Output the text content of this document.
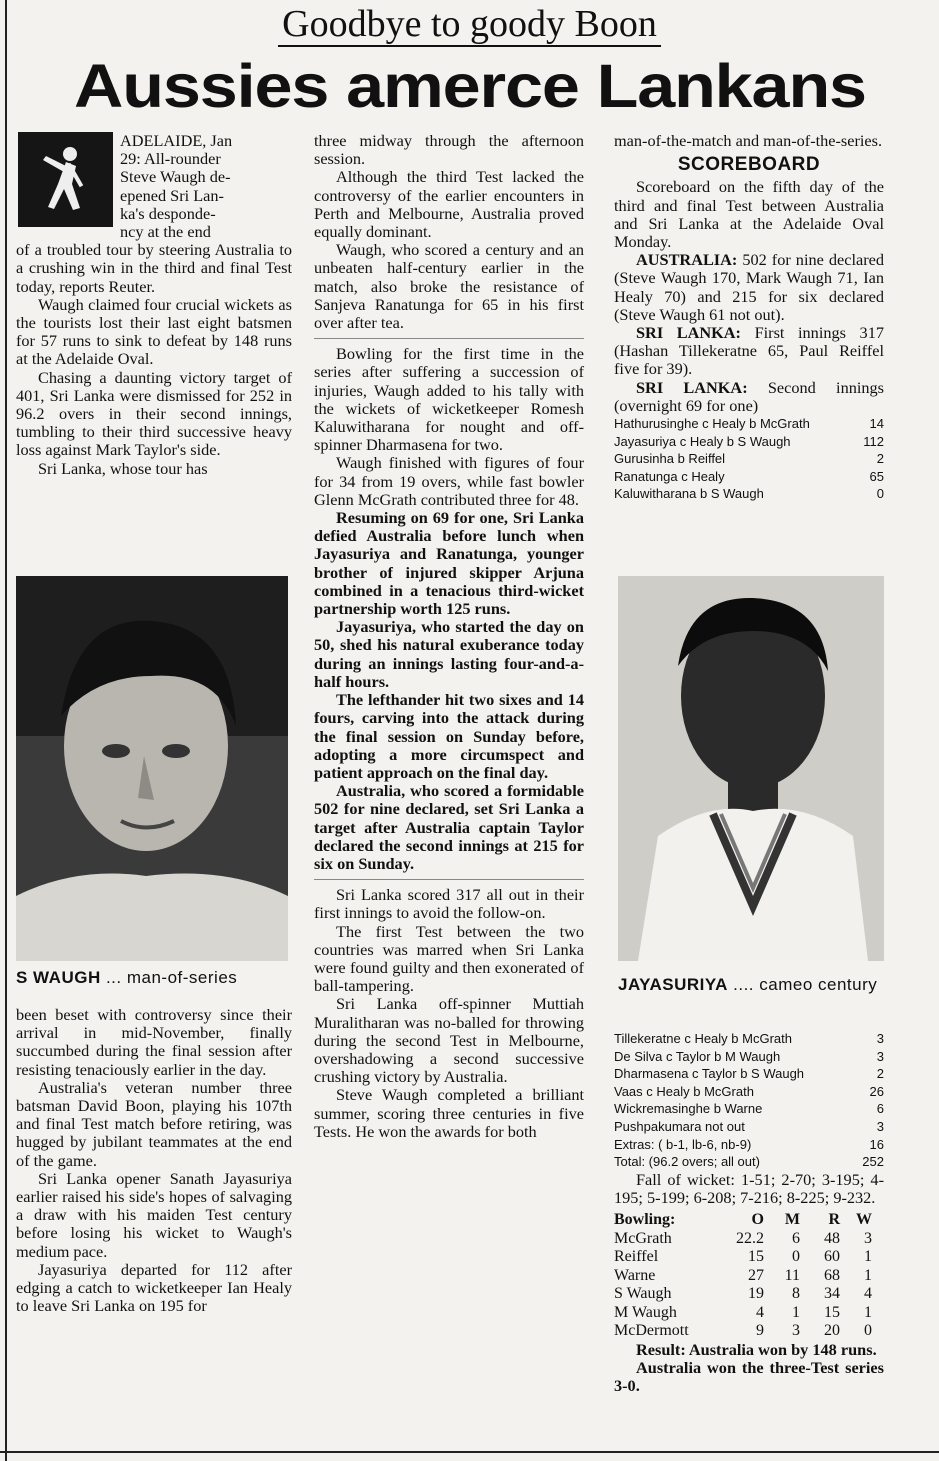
Goodbye to goody Boon
Aussies amerce Lankans
ADELAIDE, Jan
29: All-rounder
Steve Waugh de-
epened Sri Lan-
ka's desponde-
ncy at the end

of a troubled tour by steering Australia to a crushing win in the third and final Test today, reports Reuter.

Waugh claimed four crucial wickets as the tourists lost their last eight batsmen for 57 runs to sink to defeat by 148 runs at the Adelaide Oval.

Chasing a daunting victory target of 401, Sri Lanka were dismissed for 252 in 96.2 overs in their second innings, tumbling to their third successive heavy loss against Mark Taylor's side.

Sri Lanka, whose tour has

S WAUGH ... man-of-series

been beset with controversy since their arrival in mid-November, finally succumbed during the final session after resisting tenaciously earlier in the day.

Australia's veteran number three batsman David Boon, playing his 107th and final Test match before retiring, was hugged by jubilant teammates at the end of the game.

Sri Lanka opener Sanath Jayasuriya earlier raised his side's hopes of salvaging a draw with his maiden Test century before losing his wicket to Waugh's medium pace.

Jayasuriya departed for 112 after edging a catch to wicketkeeper Ian Healy to leave Sri Lanka on 195 for

three midway through the afternoon session.

Although the third Test lacked the controversy of the earlier encounters in Perth and Melbourne, Australia proved equally dominant.

Waugh, who scored a century and an unbeaten half-century earlier in the match, also broke the resistance of Sanjeva Ranatunga for 65 in his first over after tea.

Bowling for the first time in the series after suffering a succession of injuries, Waugh added to his tally with the wickets of wicketkeeper Romesh Kaluwitharana for nought and off-spinner Dharmasena for two.

Waugh finished with figures of four for 34 from 19 overs, while fast bowler Glenn McGrath contributed three for 48.

Resuming on 69 for one, Sri Lanka defied Australia before lunch when Jayasuriya and Ranatunga, younger brother of injured skipper Arjuna combined in a tenacious third-wicket partnership worth 125 runs.

Jayasuriya, who started the day on 50, shed his natural exuberance today during an innings lasting four-and-a-half hours.

The lefthander hit two sixes and 14 fours, carving into the attack during the final session on Sunday before, adopting a more circumspect and patient approach on the final day.

Australia, who scored a formidable 502 for nine declared, set Sri Lanka a target after Australia captain Taylor declared the second innings at 215 for six on Sunday.

Sri Lanka scored 317 all out in their first innings to avoid the follow-on.

The first Test between the two countries was marred when Sri Lanka were found guilty and then exonerated of ball-tampering.

Sri Lanka off-spinner Muttiah Muralitharan was no-balled for throwing during the second Test in Melbourne, overshadowing a second successive crushing victory by Australia.

Steve Waugh completed a brilliant summer, scoring three centuries in five Tests. He won the awards for both

man-of-the-match and man-of-the-series.

SCOREBOARD

Scoreboard on the fifth day of the third and final Test between Australia and Sri Lanka at the Adelaide Oval Monday.

AUSTRALIA: 502 for nine declared (Steve Waugh 170, Mark Waugh 71, Ian Healy 70) and 215 for six declared (Steve Waugh 61 not out).

SRI LANKA: First innings 317 (Hashan Tillekeratne 65, Paul Reiffel five for 39).

SRI LANKA: Second innings (overnight 69 for one)

Hathurusinghe c Healy b McGrath	14
Jayasuriya c Healy b S Waugh	112
Gurusinha b Reiffel	2
Ranatunga c Healy	65
Kaluwitharana b S Waugh	0
JAYASURIYA .... cameo century
Tillekeratne c Healy b McGrath	3
De Silva c Taylor b M Waugh	3
Dharmasena c Taylor b S Waugh	2
Vaas c Healy b McGrath	26
Wickremasinghe b Warne	6
Pushpakumara not out	3
Extras: ( b-1, lb-6, nb-9)	16
Total: (96.2 overs; all out)	252

Fall of wicket: 1-51; 2-70; 3-195; 4-195; 5-199; 6-208; 7-216; 8-225; 9-232.

Bowling:	O	M	R	W
McGrath	22.2	6	48	3
Reiffel	15	0	60	1
Warne	27	11	68	1
S Waugh	19	8	34	4
M Waugh	4	1	15	1
McDermott	9	3	20	0

Result: Australia won by 148 runs.

Australia won the three-Test series 3-0.
